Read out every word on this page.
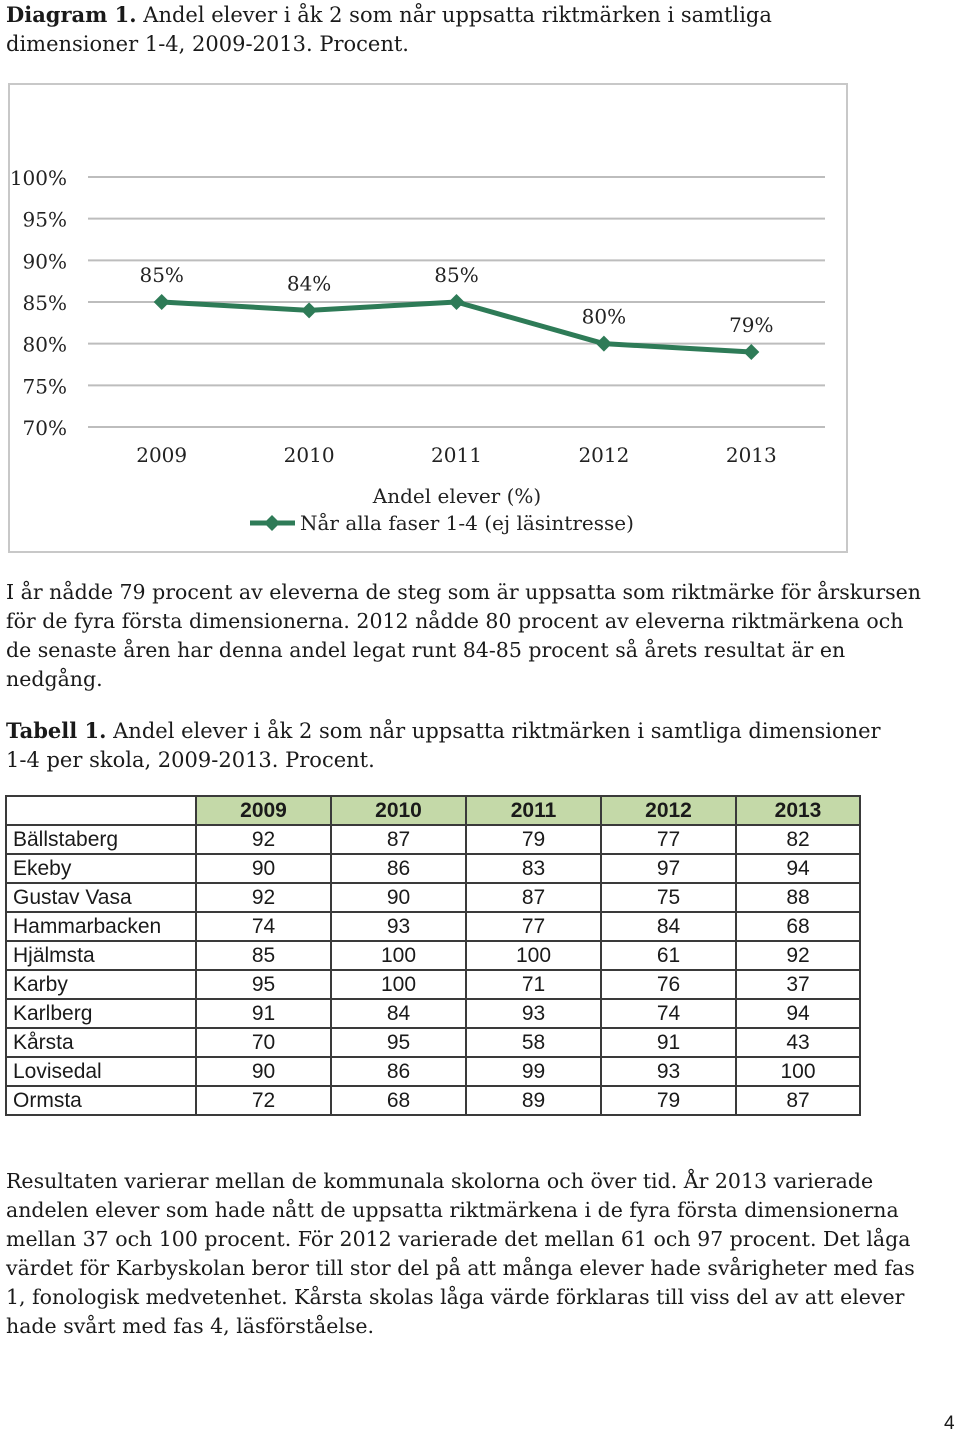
Diagram 1. Andel elever i åk 2 som når uppsatta riktmärken i samtliga dimensioner 1-4, 2009-2013. Procent.
100%
95%
90%
85%
80%
75%
70%
2009	2010	2011	2012	2013
85%	84%	85%
80%	79%
Andel elever (%)
Når alla faser 1-4 (ej läsintresse)
I år nådde 79 procent av eleverna de steg som är uppsatta som riktmärke för årskursen för de fyra första dimensionerna. 2012 nådde 80 procent av eleverna riktmärkena och de senaste åren har denna andel legat runt 84-85 procent så årets resultat är en nedgång.
Tabell 1. Andel elever i åk 2 som når uppsatta riktmärken i samtliga dimensioner 1-4 per skola, 2009-2013. Procent.
	2009	2010	2011	2012	2013
Bällstaberg	92	87	79	77	82
Ekeby	90	86	83	97	94
Gustav Vasa	92	90	87	75	88
Hammarbacken	74	93	77	84	68
Hjälmsta	85	100	100	61	92
Karby	95	100	71	76	37
Karlberg	91	84	93	74	94
Kårsta	70	95	58	91	43
Lovisedal	90	86	99	93	100
Ormsta	72	68	89	79	87
Resultaten varierar mellan de kommunala skolorna och över tid. År 2013 varierade andelen elever som hade nått de uppsatta riktmärkena i de fyra första dimensionerna mellan 37 och 100 procent. För 2012 varierade det mellan 61 och 97 procent. Det låga värdet för Karbyskolan beror till stor del på att många elever hade svårigheter med fas 1, fonologisk medvetenhet. Kårsta skolas låga värde förklaras till viss del av att elever hade svårt med fas 4, läsförståelse.
4
